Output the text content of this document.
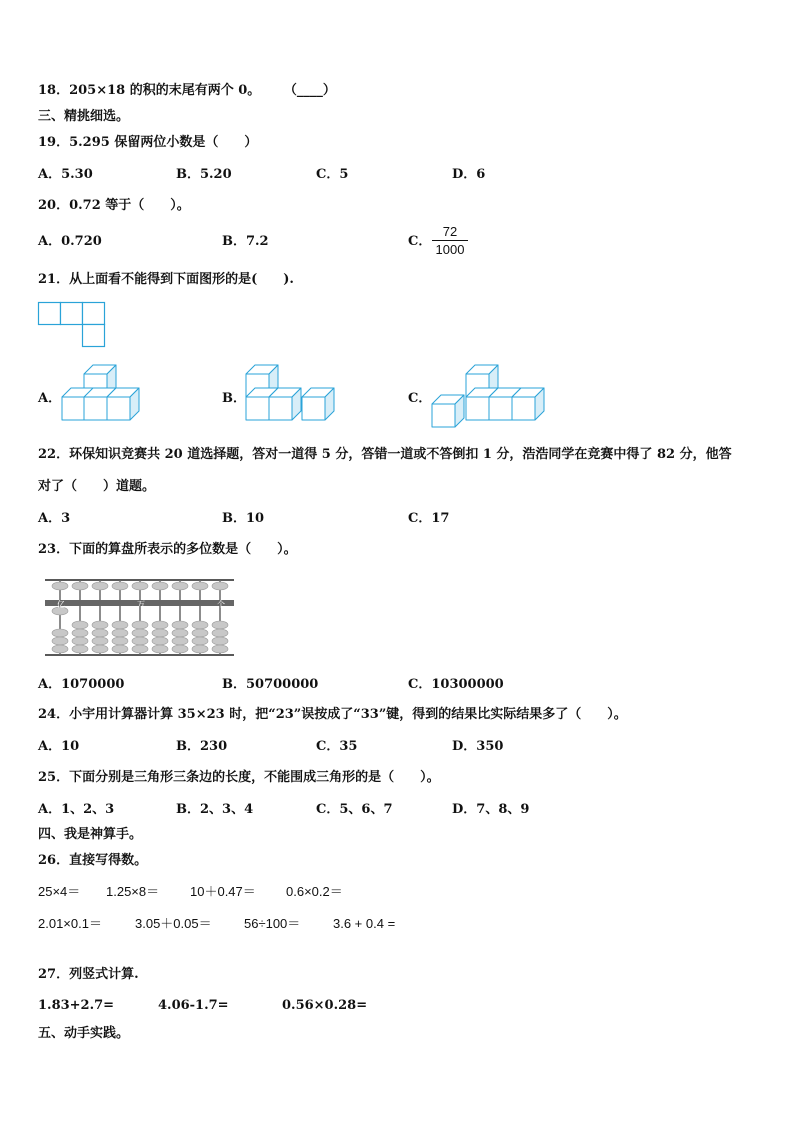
18．205×18 的积的末尾有两个 0。 （____）
三、精挑细选。
19．5.295 保留两位小数是（　　）
A．5.30	B．5.20	C．5	D．6
20．0.72 等于（　　）。
A．0.720	B．7.2	C． $\frac{72}{1000}$
21．从上面看不能得到下面图形的是(　　).
A．	B．	C．
22．环保知识竞赛共 20 道选择题，答对一道得 5 分，答错一道或不答倒扣 1 分，浩浩同学在竞赛中得了 82 分，他答
对了（　　）道题。
A．3	B．10	C．17
23．下面的算盘所表示的多位数是（　　）。
亿	万	个
A．1070000	B．50700000	C．10300000
24．小宇用计算器计算 35×23 时，把“23”误按成了“33”键，得到的结果比实际结果多了（　　）。
A．10	B．230	C．35	D．350
25．下面分别是三角形三条边的长度，不能围成三角形的是（　　）。
A．1、2、3	B．2、3、4	C．5、6、7	D．7、8、9
四、我是神算手。
26．直接写得数。
25×4＝ 1.25×8＝ 10＋0.47＝ 0.6×0.2＝
2.01×0.1＝	3.05＋0.05＝ 56÷100＝	3.6 + 0.4 =
27．列竖式计算.
1.83+2.7=	4.06-1.7=	0.56×0.28=
五、动手实践。
